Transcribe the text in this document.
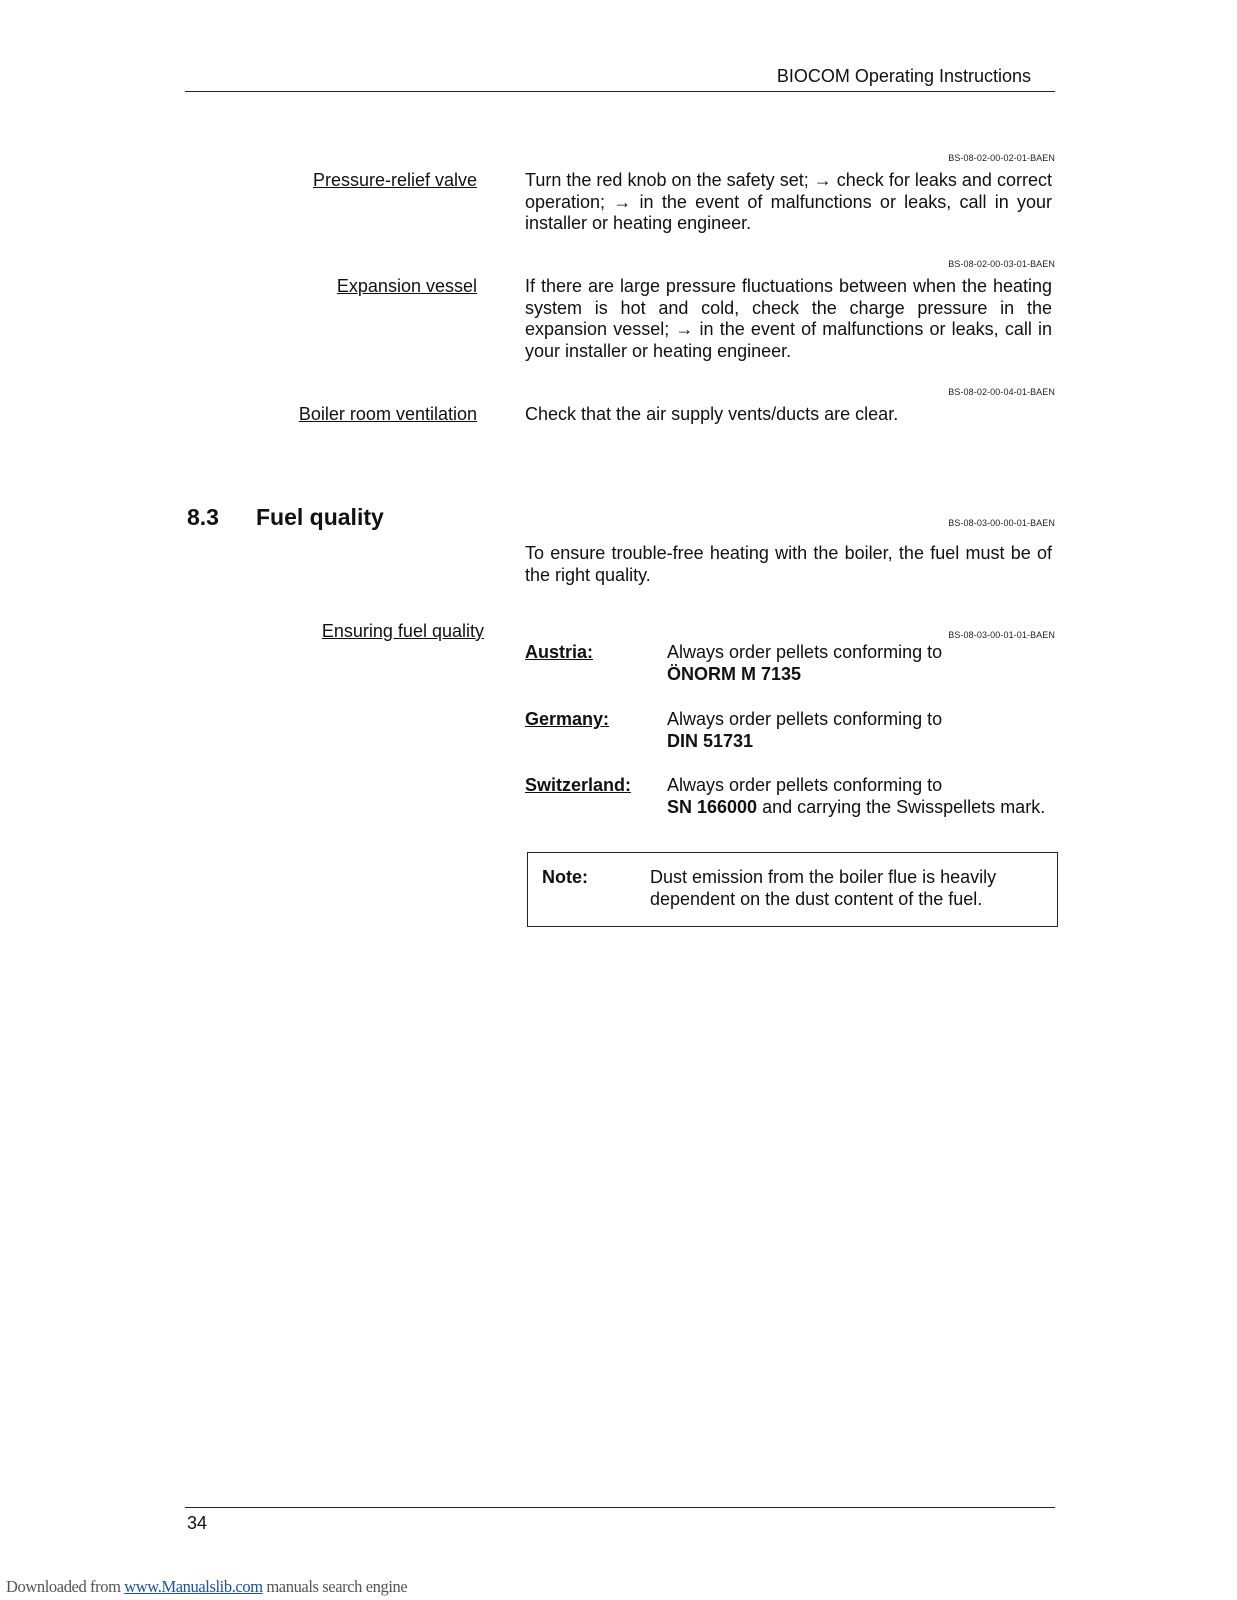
BIOCOM Operating Instructions
BS-08-02-00-02-01-BAEN
Pressure-relief valve	Turn the red knob on the safety set; → check for leaks and correct operation; → in the event of malfunctions or leaks, call in your installer or heating engineer.
BS-08-02-00-03-01-BAEN
Expansion vessel	If there are large pressure fluctuations between when the heating system is hot and cold, check the charge pressure in the expansion vessel; → in the event of malfunctions or leaks, call in your installer or heating engineer.
BS-08-02-00-04-01-BAEN
Boiler room ventilation	Check that the air supply vents/ducts are clear.
8.3 Fuel quality	BS-08-03-00-00-01-BAEN
To ensure trouble-free heating with the boiler, the fuel must be of the right quality.
Ensuring fuel quality	BS-08-03-00-01-01-BAEN
Austria:	Always order pellets conforming to
ÖNORM M 7135
Germany:	Always order pellets conforming to
DIN 51731
Switzerland: Always order pellets conforming to
SN 166000 and carrying the Swisspellets mark.
Note:	Dust emission from the boiler flue is heavily dependent on the dust content of the fuel.
34
Downloaded from www.Manualslib.com manuals search engine
